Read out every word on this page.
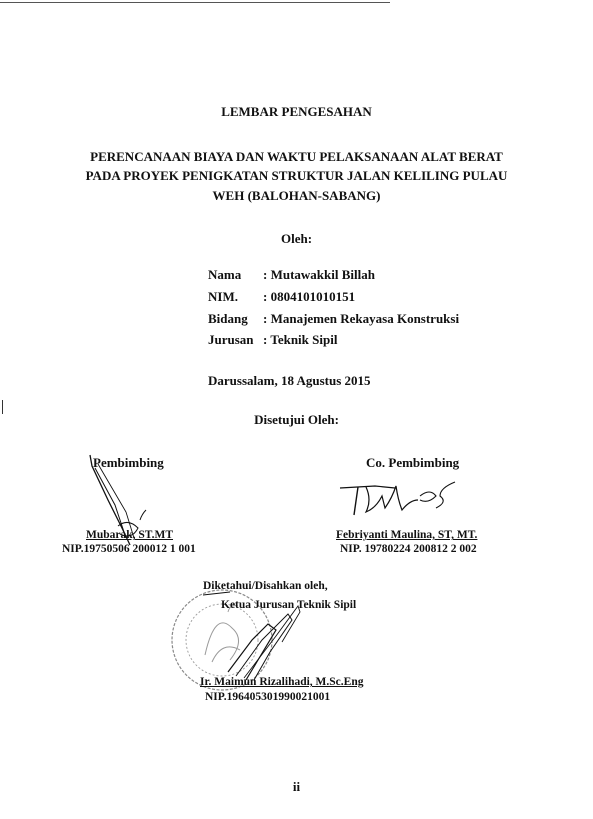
LEMBAR PENGESAHAN
PERENCANAAN BIAYA DAN WAKTU PELAKSANAAN ALAT BERAT
PADA PROYEK PENIGKATAN STRUKTUR JALAN KELILING PULAU
WEH (BALOHAN-SABANG)
Oleh:
Nama : Mutawakkil Billah
NIM. : 0804101010151
Bidang : Manajemen Rekayasa Konstruksi
Jurusan : Teknik Sipil
Darussalam, 18 Agustus 2015
Disetujui Oleh:
Pembimbing
Mubarak, ST.MT
NIP.19750506 200012 1 001
Co. Pembimbing
Febriyanti Maulina, ST, MT.
NIP. 19780224 200812 2 002
Diketahui/Disahkan oleh,
Ketua Jurusan Teknik Sipil
Ir. Maimun Rizalihadi, M.Sc.Eng
NIP.196405301990021001
ii
